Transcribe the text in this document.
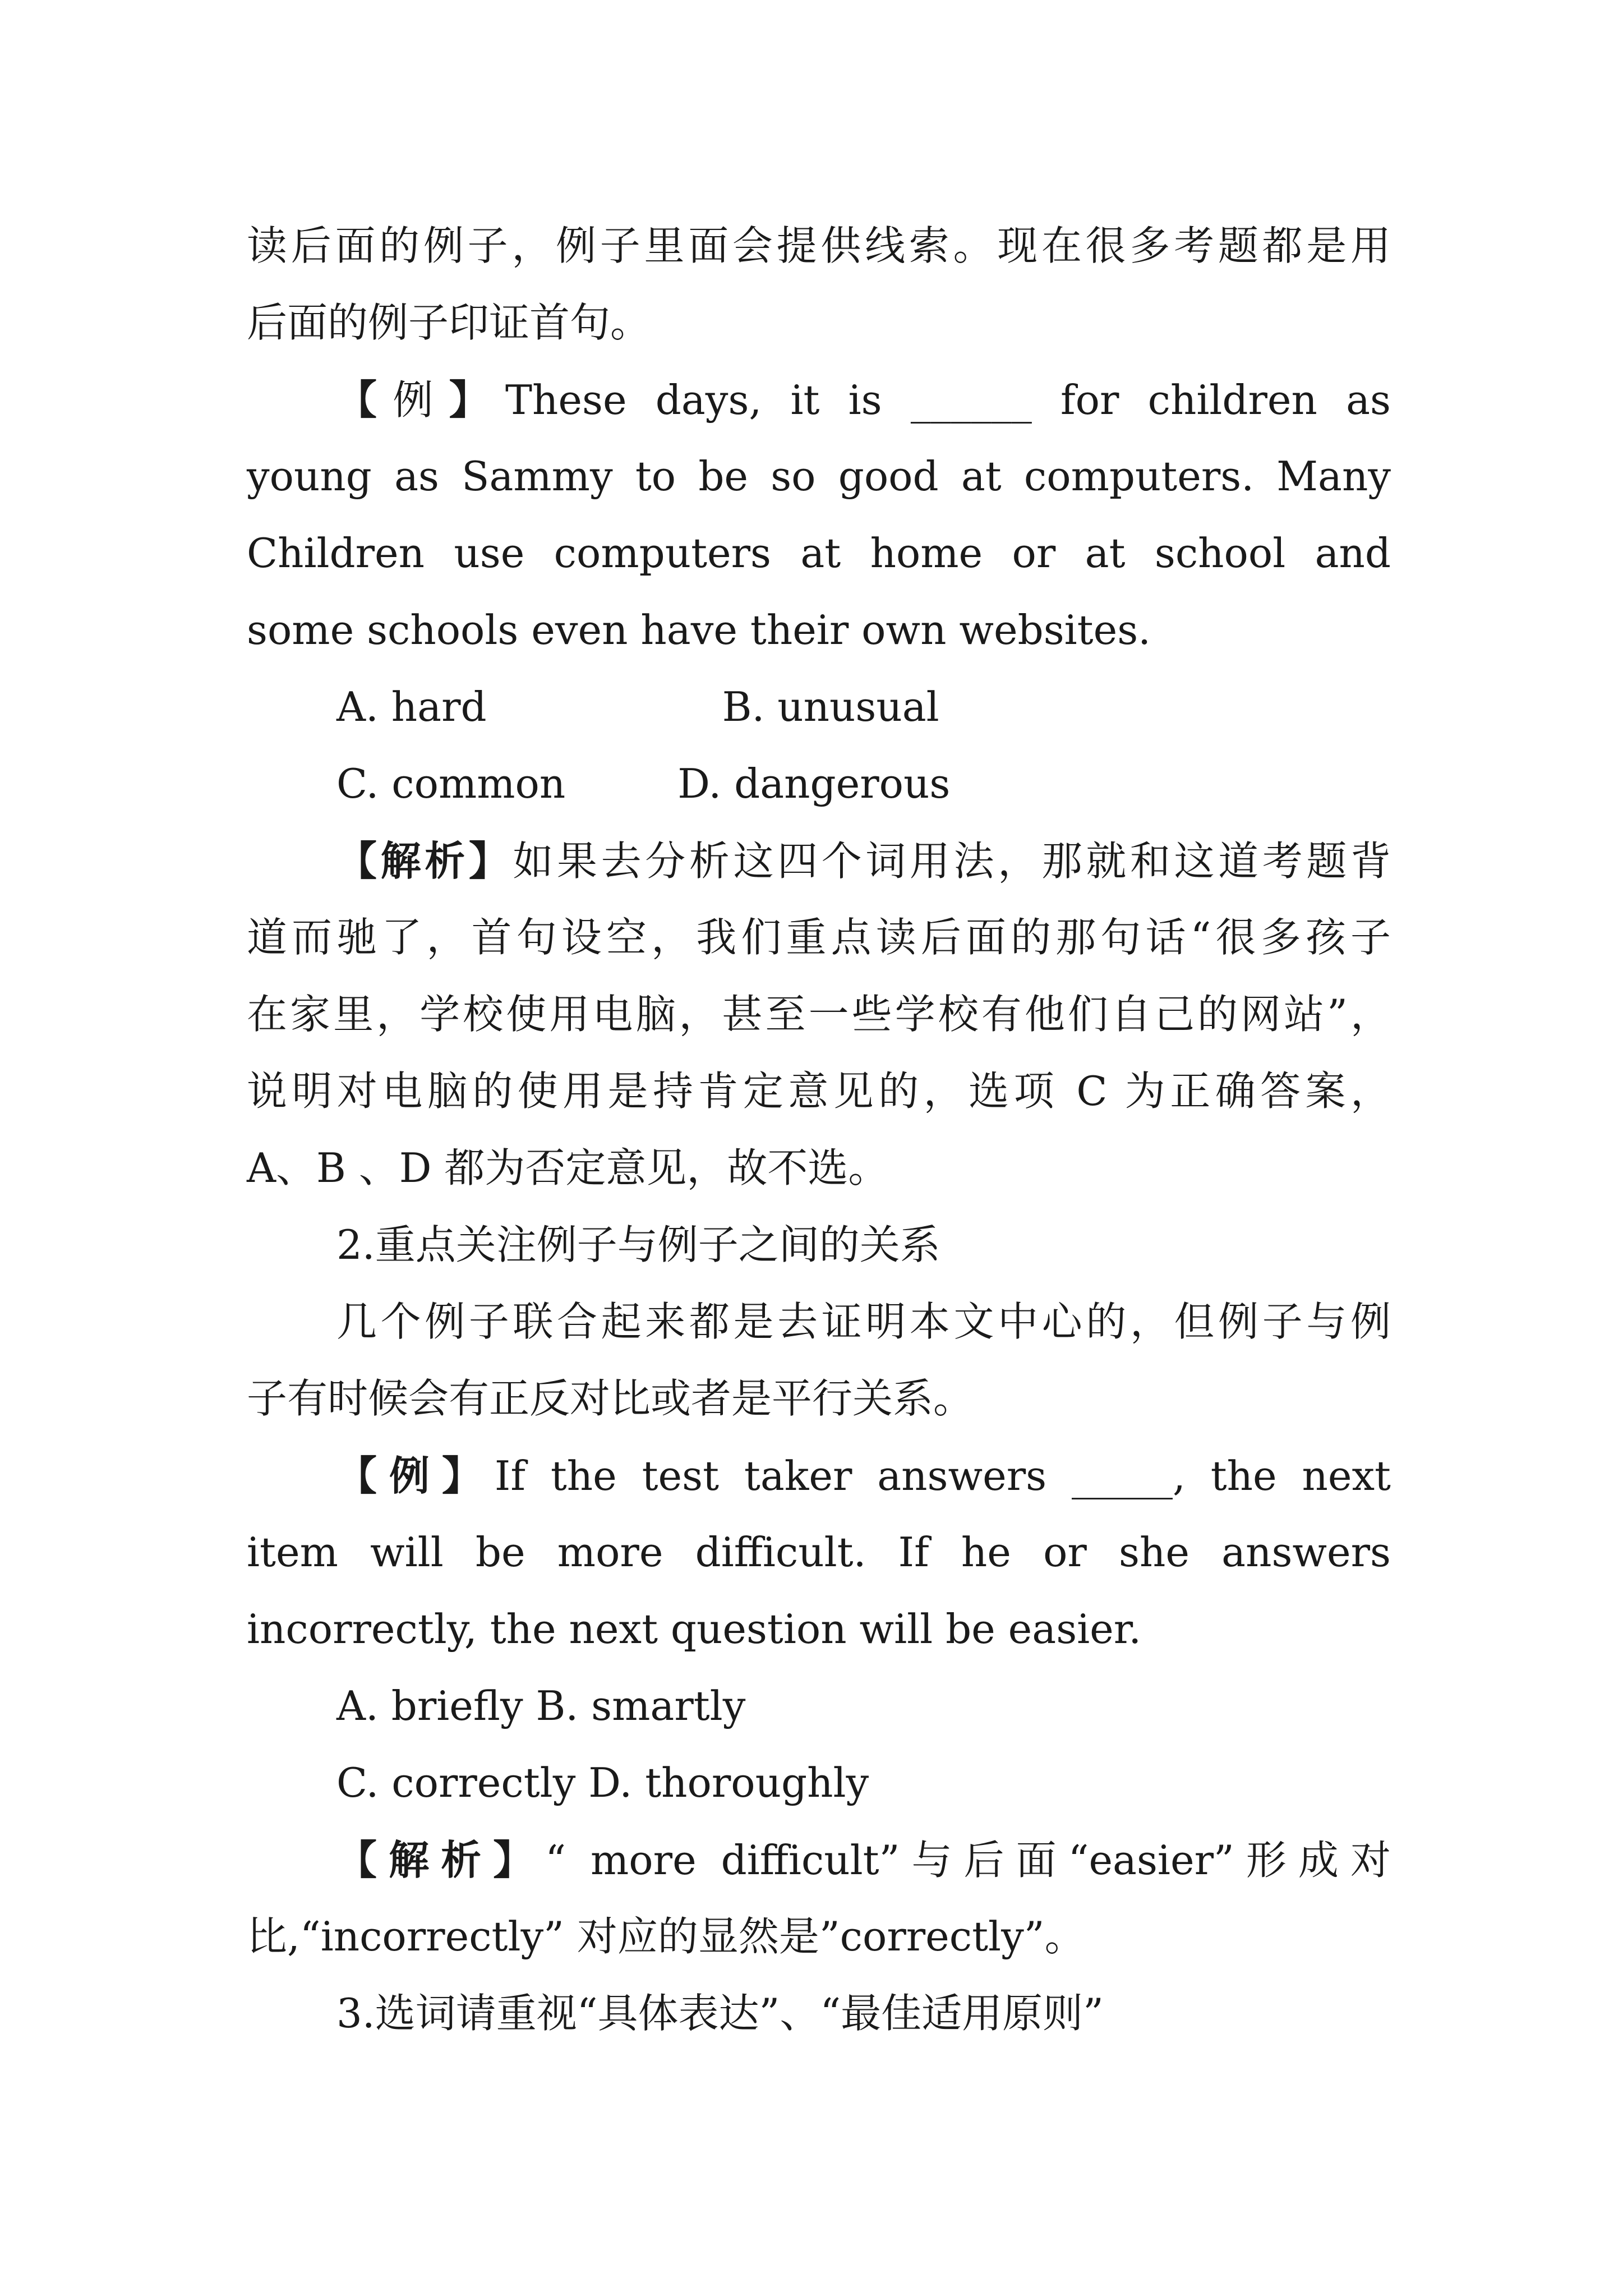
读后面的例子，例子里面会提供线索。现在很多考题都是用
后面的例子印证首句。
【例】These days, it is ______ for children as
young as Sammy to be so good at computers. Many
Children use computers at home or at school and
some schools even have their own websites.
A. hard	B. unusual
C. common	D. dangerous
【解析】如果去分析这四个词用法，那就和这道考题背
道而驰了，首句设空，我们重点读后面的那句话“很多孩子
在家里，学校使用电脑，甚至一些学校有他们自己的网站”，
说明对电脑的使用是持肯定意见的，选项 C 为正确答案，
A、B 、D 都为否定意见，故不选。
2.重点关注例子与例子之间的关系
几个例子联合起来都是去证明本文中心的，但例子与例
子有时候会有正反对比或者是平行关系。
【例】If the test taker answers _____, the next
item will be more difficult. If he or she answers
incorrectly, the next question will be easier.
A. briefly B. smartly
C. correctly D. thoroughly
【解析】“ more difficult”与后面“easier”形成对
比,“incorrectly” 对应的显然是”correctly”。
3.选词请重视“具体表达”、“最佳适用原则”
